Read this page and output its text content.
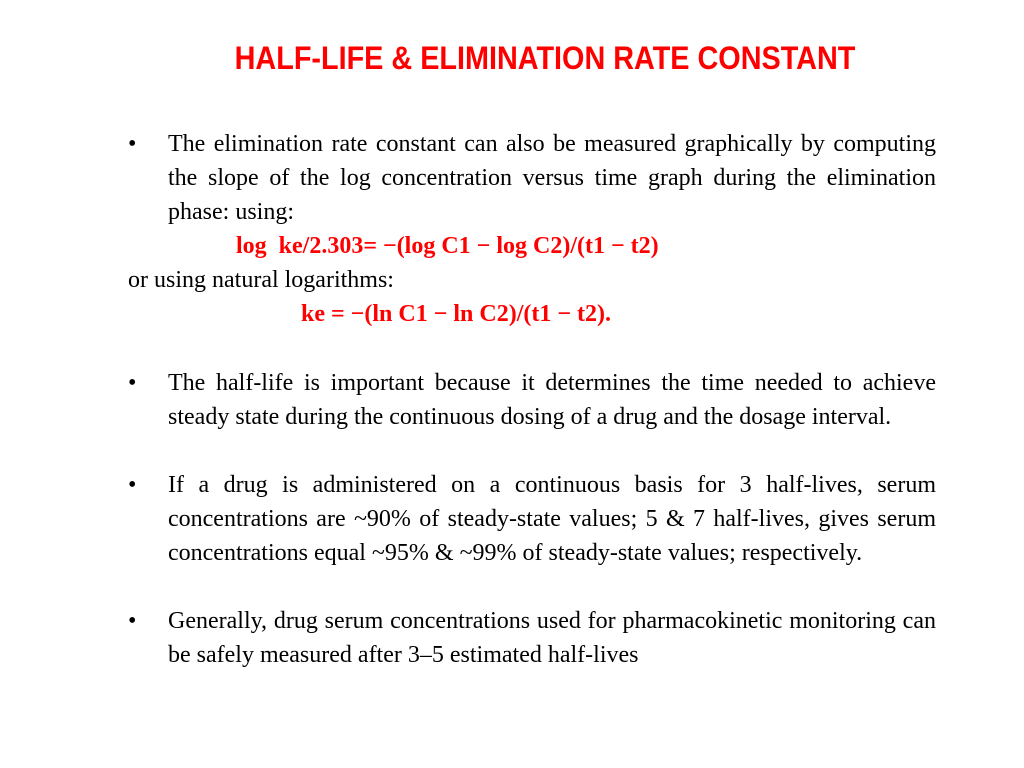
HALF-LIFE & ELIMINATION RATE CONSTANT
•	The elimination rate constant can also be measured graphically by computing the slope of the log concentration versus time graph during the elimination phase: using:
log  ke/2.303= −(log C1 − log C2)/(t1 − t2)
or using natural logarithms:
ke = −(ln C1 − ln C2)/(t1 − t2).
•	The half-life is important because it determines the time needed to achieve steady state during the continuous dosing of a drug and the dosage interval.
•	If a drug is administered on a continuous basis for 3 half-lives, serum concentrations are ~90% of steady-state values; 5 & 7 half-lives, gives serum concentrations equal ~95% & ~99% of steady-state values; respectively.
•	Generally, drug serum concentrations used for pharmacokinetic monitoring can be safely measured after 3–5 estimated half-lives
